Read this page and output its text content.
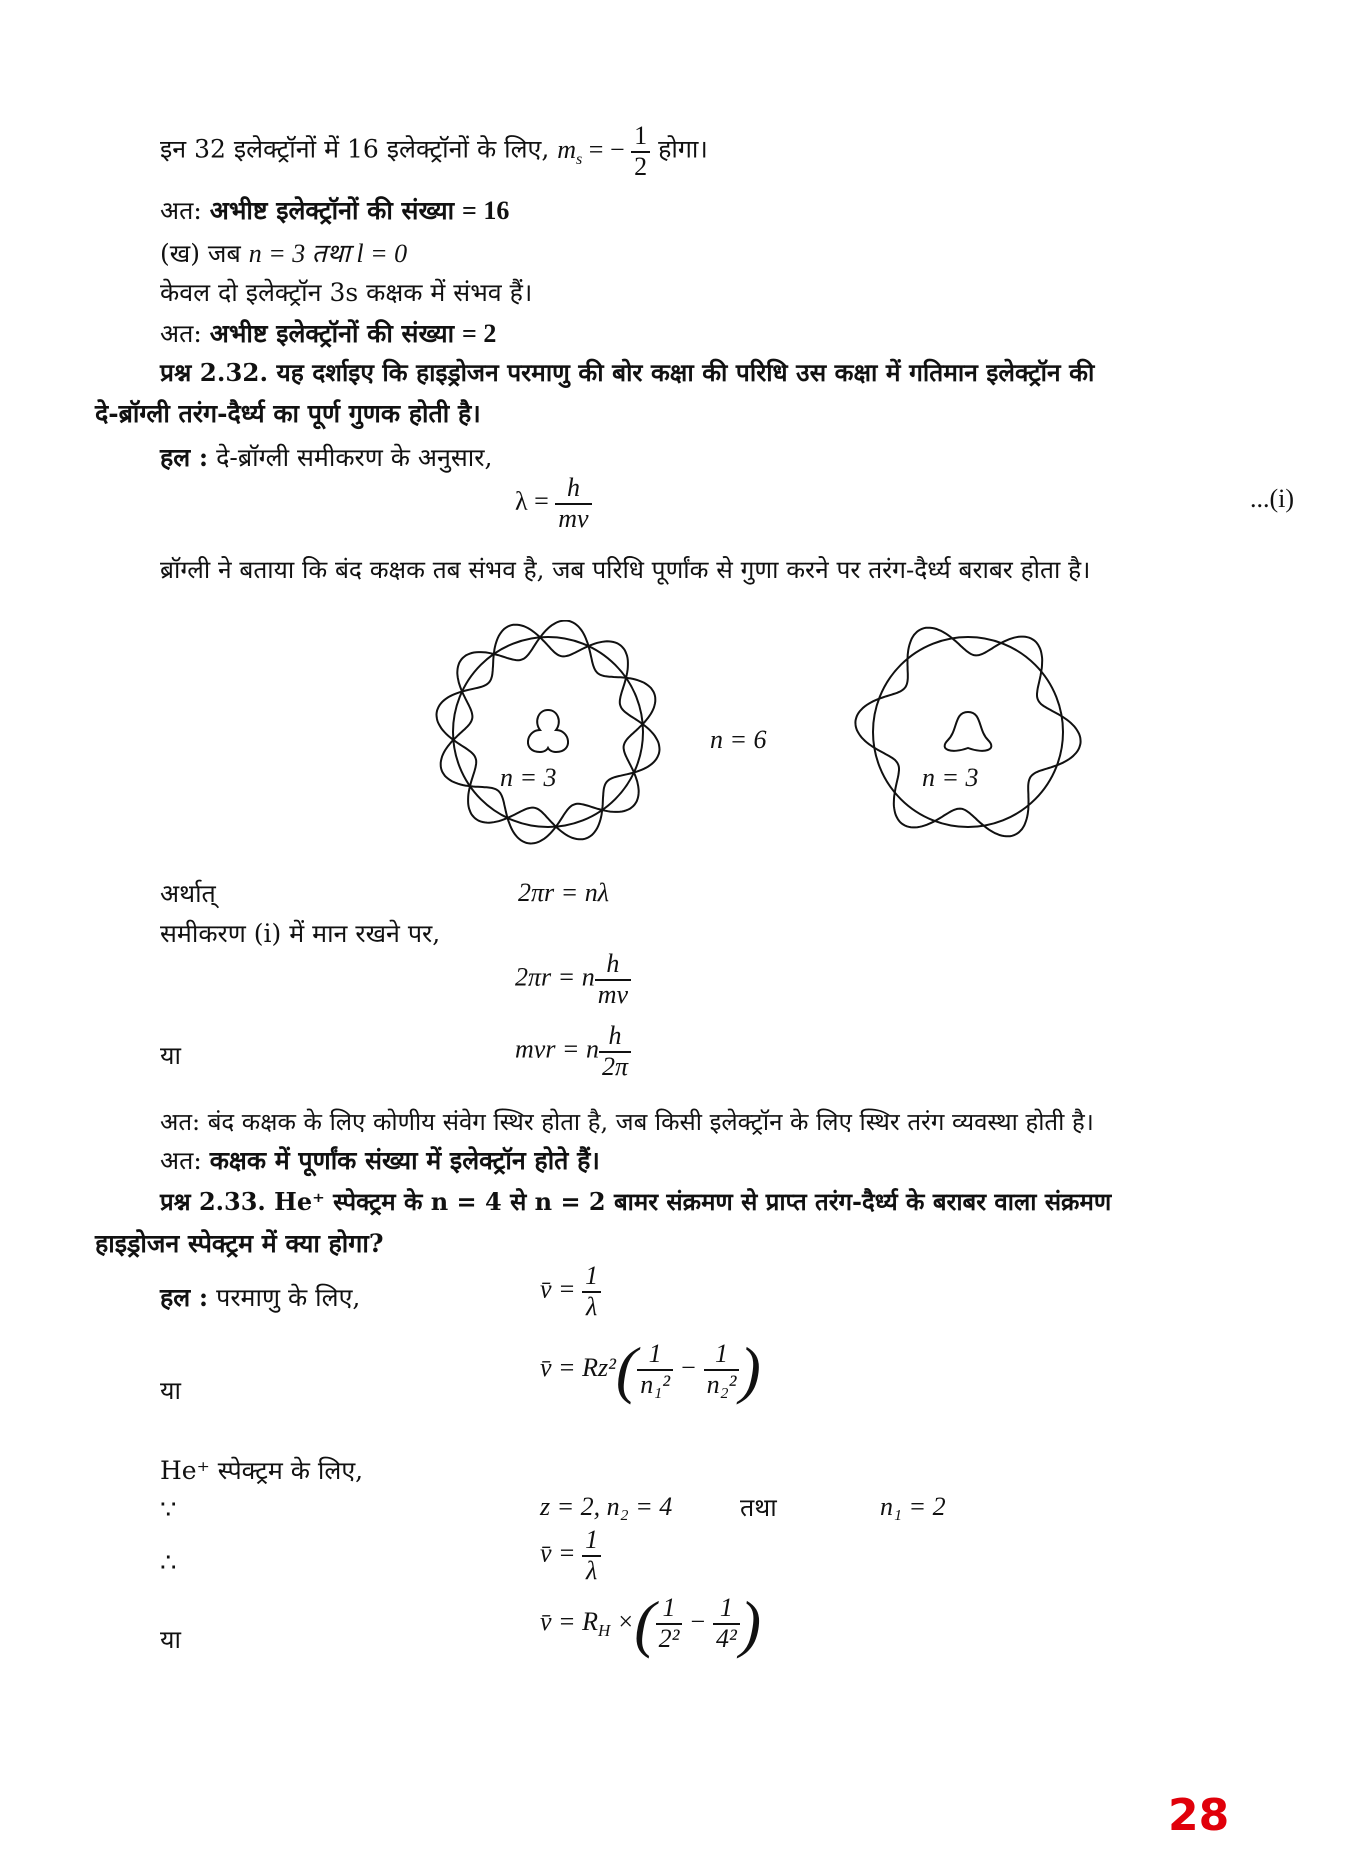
इन 32 इलेक्ट्रॉनों में 16 इलेक्ट्रॉनों के लिए, $m_s$ = − $\frac{1}{2}$ होगा।
अत: अभीष्ट इलेक्ट्रॉनों की संख्या = 16
(ख) जब n = 3 तथा l = 0
केवल दो इलेक्ट्रॉन 3s कक्षक में संभव हैं।
अत: अभीष्ट इलेक्ट्रॉनों की संख्या = 2
प्रश्न 2.32. यह दर्शाइए कि हाइड्रोजन परमाणु की बोर कक्षा की परिधि उस कक्षा में गतिमान इलेक्ट्रॉन की
दे-ब्रॉग्ली तरंग-दैर्ध्य का पूर्ण गुणक होती है।
हल : दे-ब्रॉग्ली समीकरण के अनुसार,
$\lambda = \frac{h}{mv}$	...(i)
ब्रॉग्ली ने बताया कि बंद कक्षक तब संभव है, जब परिधि पूर्णांक से गुणा करने पर तरंग-दैर्ध्य बराबर होता है।
n = 3
n = 6
n = 3
अर्थात्	2πr = nλ
समीकरण (i) में मान रखने पर,
2πr = n $\frac{h}{mv}$
या	mvr = n $\frac{h}{2\pi}$
अत: बंद कक्षक के लिए कोणीय संवेग स्थिर होता है, जब किसी इलेक्ट्रॉन के लिए स्थिर तरंग व्यवस्था होती है।
अत: कक्षक में पूर्णांक संख्या में इलेक्ट्रॉन होते हैं।
प्रश्न 2.33. He⁺ स्पेक्ट्रम के n = 4 से n = 2 बामर संक्रमण से प्राप्त तरंग-दैर्ध्य के बराबर वाला संक्रमण
हाइड्रोजन स्पेक्ट्रम में क्या होगा?
हल : परमाणु के लिए,	v̄ = $\frac{1}{\lambda}$
या
v̄ = $Rz^2( \frac{1}{\text{n₁²}} - \frac{1}{\text{n₂²}}$ )
He⁺ स्पेक्ट्रम के लिए,
∵	z = 2, n₂ = 4	तथा	n₁ = 2
∴	v̄ = $\frac{1}{\lambda}$
या
v̄ = $R_H$ ×( $\frac{1}{\text{2²}} - \frac{1}{\text{4²}}$ )
28
